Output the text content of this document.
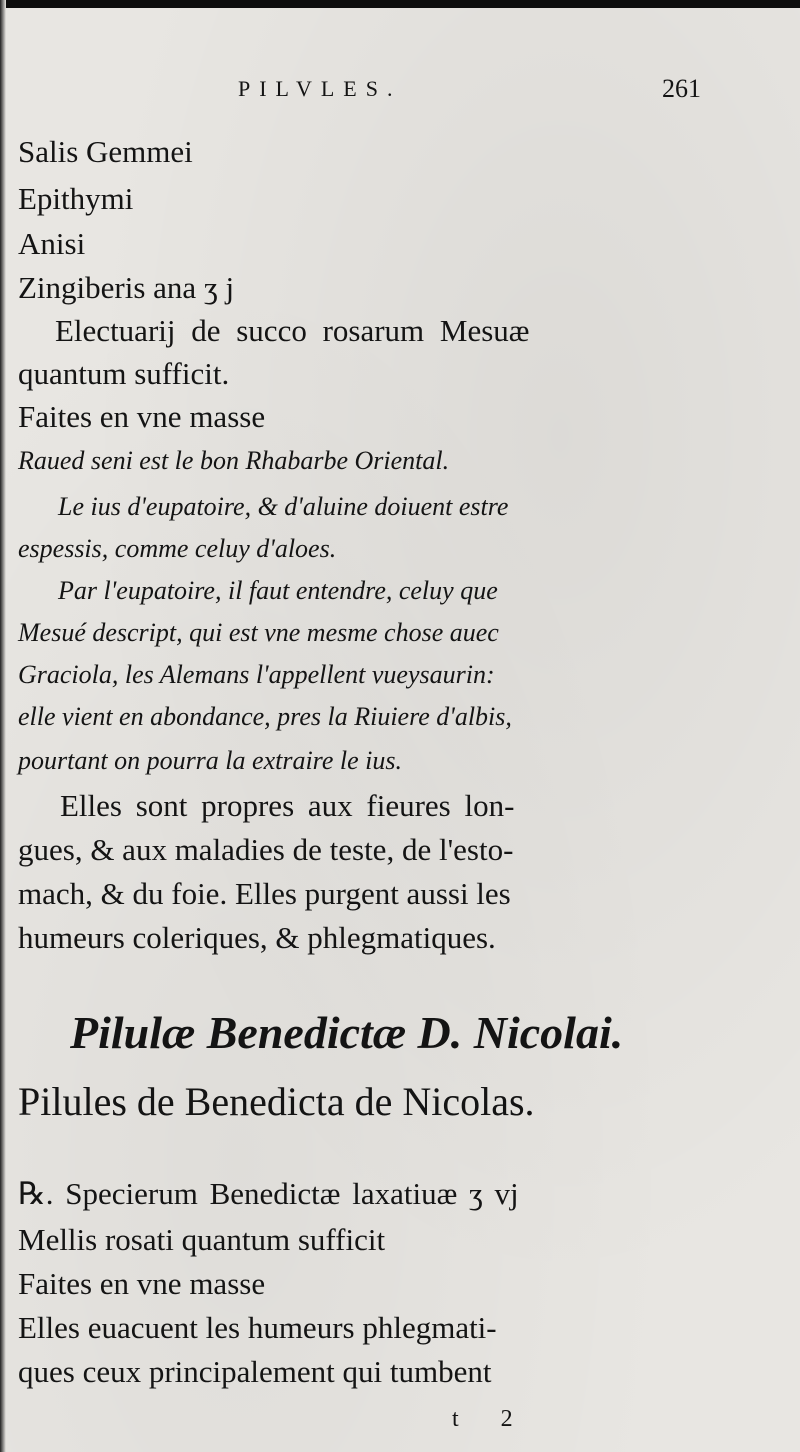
PILVLES.	261
Salis Gemmei
Epithymi
Anisi
Zingiberis ana ʒ j
Electuarij de succo rosarum Mesuæ
quantum sufficit.
Faites en vne masse
Raued seni est le bon Rhabarbe Oriental.
Le ius d'eupatoire, & d'aluine doiuent estre
espessis, comme celuy d'aloes.
Par l'eupatoire, il faut entendre, celuy que
Mesué descript, qui est vne mesme chose auec
Graciola, les Alemans l'appellent vueysaurin:
elle vient en abondance, pres la Riuiere d'albis,
pourtant on pourra la extraire le ius.
Elles sont propres aux fieures lon-
gues, & aux maladies de teste, de l'esto-
mach, & du foie. Elles purgent aussi les
humeurs coleriques, & phlegmatiques.
Pilulæ Benedictæ D. Nicolai.
Pilules de Benedicta de Nicolas.
℞. Specierum Benedictæ laxatiuæ ʒ vj
Mellis rosati quantum sufficit
Faites en vne masse
Elles euacuent les humeurs phlegmati-
ques ceux principalement qui tumbent
t 2
